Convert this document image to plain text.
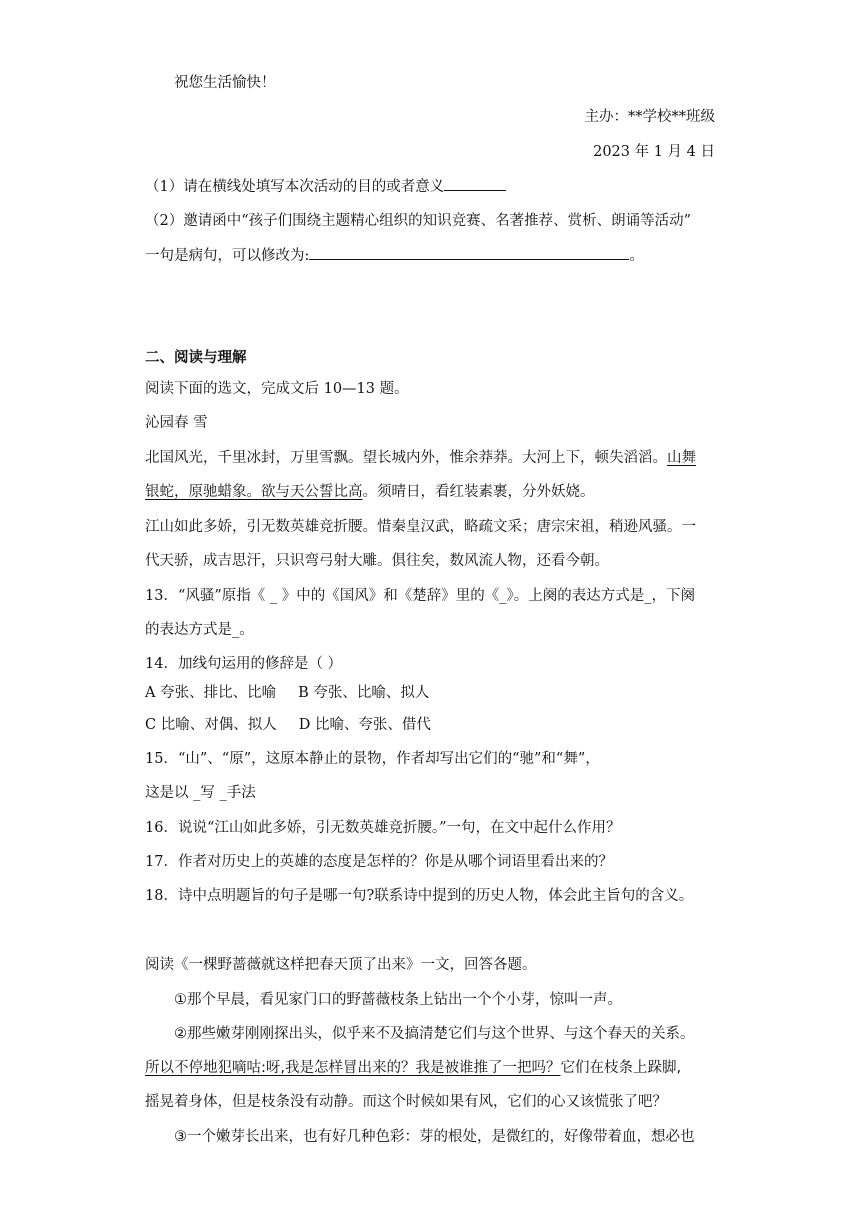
祝您生活愉快！
主办：**学校**班级
2023 年 1 月 4 日
（1）请在横线处填写本次活动的目的或者意义
（2）邀请函中“孩子们围绕主题精心组织的知识竞赛、名著推荐、赏析、朗诵等活动”
一句是病句，可以修改为:	。
二、阅读与理解
阅读下面的选文，完成文后 10—13 题。
沁园春 雪
北国风光，千里冰封，万里雪飘。望长城内外，惟余莽莽。大河上下，顿失滔滔。山舞
银蛇，原驰蜡象。欲与天公誓比高。须晴日，看红装素裹，分外妖娆。
江山如此多娇，引无数英雄竞折腰。惜秦皇汉武，略疏文采；唐宗宋祖，稍逊风骚。一
代天骄，成吉思汗，只识弯弓射大雕。俱往矣，数风流人物，还看今朝。
13．“风骚”原指《 _ 》中的《国风》和《楚辞》里的《_》。上阕的表达方式是_，下阕
的表达方式是_。
14．加线句运用的修辞是（ ）
A 夸张、排比、比喻 B 夸张、比喻、拟人
C 比喻、对偶、拟人 D 比喻、夸张、借代
15．“山”、“原”，这原本静止的景物，作者却写出它们的“驰”和“舞”，
这是以 _写 _手法
16．说说“江山如此多娇，引无数英雄竞折腰。”一句，在文中起什么作用？
17．作者对历史上的英雄的态度是怎样的？你是从哪个词语里看出来的？
18．诗中点明题旨的句子是哪一句?联系诗中提到的历史人物，体会此主旨句的含义。
阅读《一棵野蔷薇就这样把春天顶了出来》一文，回答各题。
①那个早晨，看见家门口的野蔷薇枝条上钻出一个个小芽，惊叫一声。
②那些嫩芽刚刚探出头，似乎来不及搞清楚它们与这个世界、与这个春天的关系。
所以不停地犯嘀咕:呀,我是怎样冒出来的？我是被谁推了一把吗？它们在枝条上跺脚,
摇晃着身体，但是枝条没有动静。而这个时候如果有风，它们的心又该慌张了吧？
③一个嫩芽长出来，也有好几种色彩：芽的根处，是微红的，好像带着血，想必也
